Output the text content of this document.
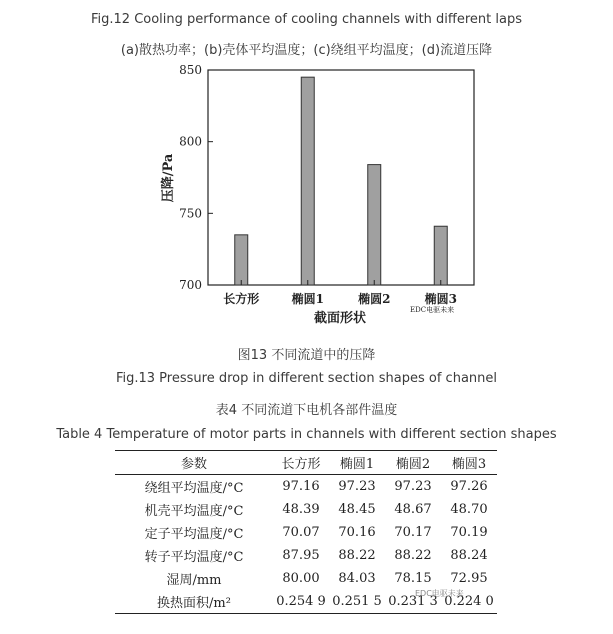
Fig.12 Cooling performance of cooling channels with different laps
(a)散热功率；(b)壳体平均温度；(c)绕组平均温度；(d)流道压降
700
750
800
850
长方形	椭圆1	椭圆2	椭圆3
压降/Pa
截面形状
EDC电驱未来
图13 不同流道中的压降
Fig.13 Pressure drop in different section shapes of channel
表4 不同流道下电机各部件温度
Table 4 Temperature of motor parts in channels with different section shapes
参数	长方形	椭圆1	椭圆2	椭圆3
绕组平均温度/°C	97.16	97.23	97.23	97.26
机壳平均温度/°C	48.39	48.45	48.67	48.70
定子平均温度/°C	70.07	70.16	70.17	70.19
转子平均温度/°C	87.95	88.22	88.22	88.24
湿周/mm	80.00	84.03	78.15	72.95
换热面积/m²	0.254 9	0.251 5	0.231 3	0.224 0
EDC电驱未来
